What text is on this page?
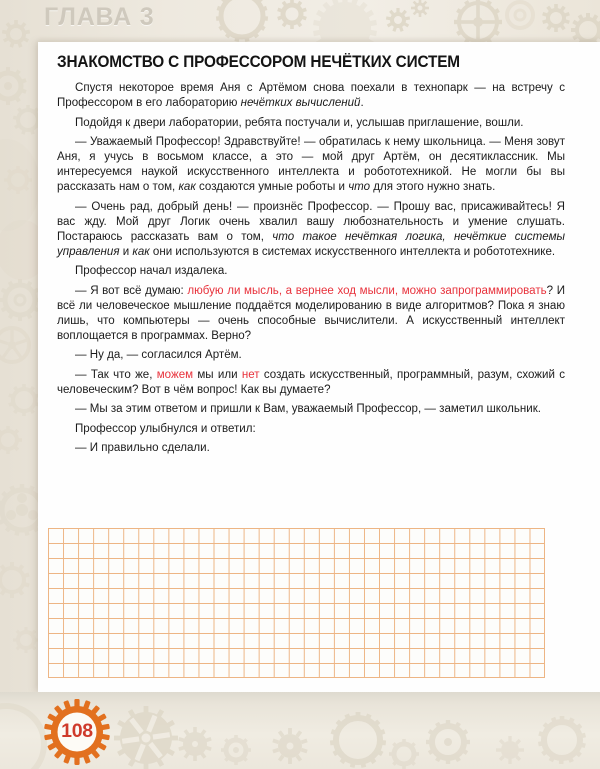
ГЛАВА 3
ЗНАКОМСТВО С ПРОФЕССОРОМ НЕЧЁТКИХ СИСТЕМ

Спустя некоторое время Аня с Артёмом снова поехали в технопарк — на встречу с Профессором в его лабораторию нечётких вычислений.

Подойдя к двери лаборатории, ребята постучали и, услышав приглашение, вошли.

— Уважаемый Профессор! Здравствуйте! — обратилась к нему школьница. — Меня зовут Аня, я учусь в восьмом классе, а это — мой друг Артём, он десятиклассник. Мы интересуемся наукой искусственного интеллекта и робототехникой. Не могли бы вы рассказать нам о том, как создаются умные роботы и что для этого нужно знать.

— Очень рад, добрый день! — произнёс Профессор. — Прошу вас, присаживайтесь! Я вас жду. Мой друг Логик очень хвалил вашу любознательность и умение слушать. Постараюсь рассказать вам о том, что такое нечёткая логика, нечёткие системы управления и как они используются в системах искусственного интеллекта и робототехнике.

Профессор начал издалека.

— Я вот всё думаю: любую ли мысль, а вернее ход мысли, можно запрограммировать? И всё ли человеческое мышление поддаётся моделированию в виде алгоритмов? Пока я знаю лишь, что компьютеры — очень способные вычислители. А искусственный интеллект воплощается в программах. Верно?

— Ну да, — согласился Артём.

— Так что же, можем мы или нет создать искусственный, программный, разум, схожий с человеческим? Вот в чём вопрос! Как вы думаете?

— Мы за этим ответом и пришли к Вам, уважаемый Профессор, — заметил школьник.

Профессор улыбнулся и ответил:

— И правильно сделали.

108
